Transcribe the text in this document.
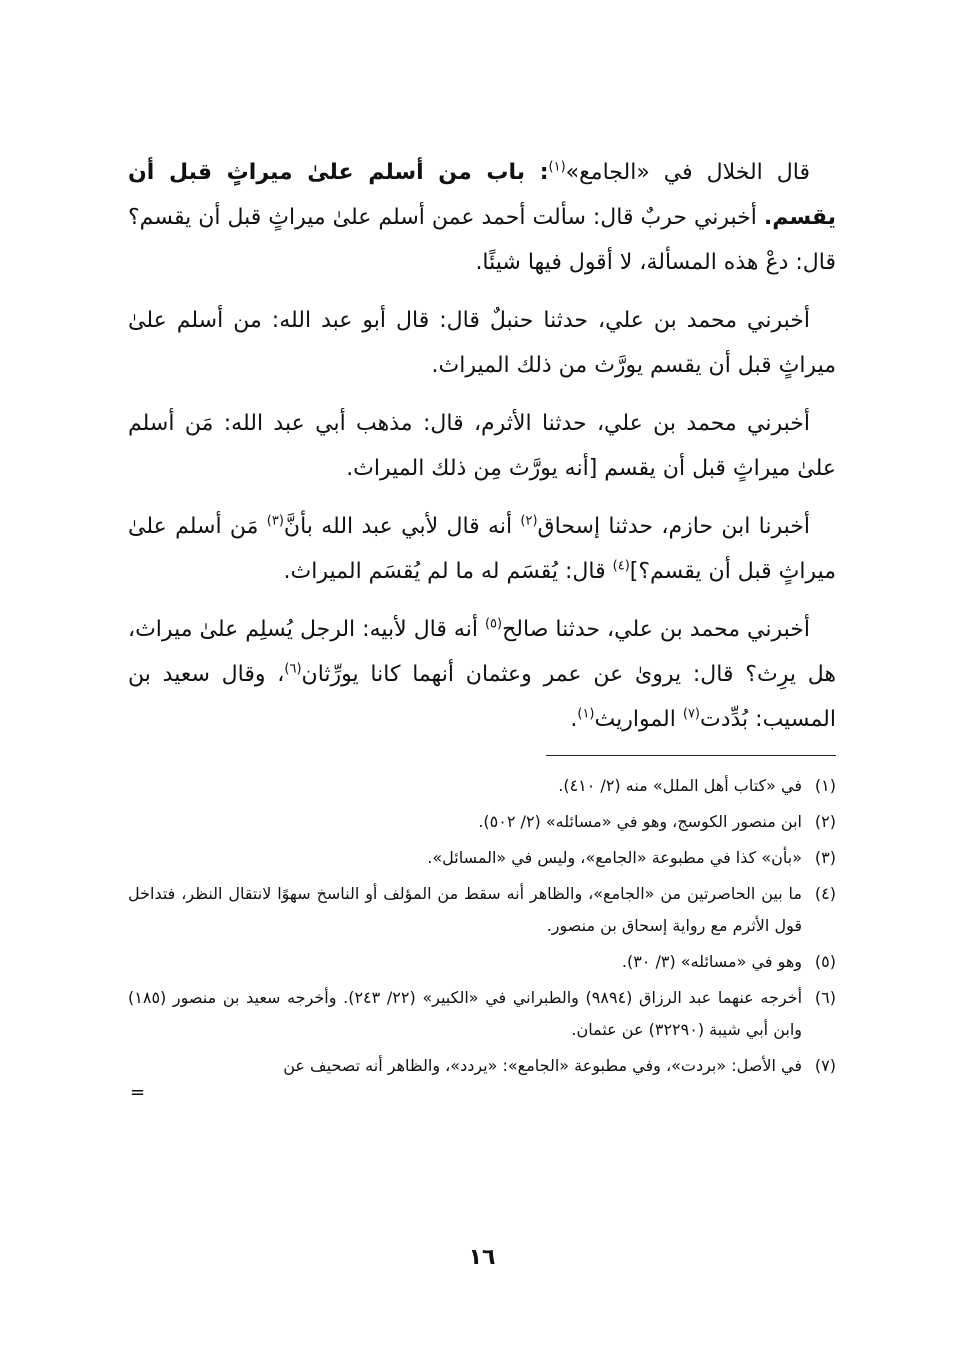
قال الخلال في «الجامع»$^{(١)}$: باب من أسلم علىٰ ميراثٍ قبل أن يقسم. أخبرني حربٌ قال: سألت أحمد عمن أسلم علىٰ ميراثٍ قبل أن يقسم؟ قال: دعْ هذه المسألة، لا أقول فيها شيئًا.

أخبرني محمد بن علي، حدثنا حنبلٌ قال: قال أبو عبد الله: من أسلم علىٰ ميراثٍ قبل أن يقسم يورَّث من ذلك الميراث.

أخبرني محمد بن علي، حدثنا الأثرم، قال: مذهب أبي عبد الله: مَن أسلم علىٰ ميراثٍ قبل أن يقسم [أنه يورَّث مِن ذلك الميراث.

أخبرنا ابن حازم، حدثنا إسحاق$^{(٢)}$ أنه قال لأبي عبد الله بأنَّ$^{(٣)}$ مَن أسلم علىٰ ميراثٍ قبل أن يقسم؟]$^{(٤)}$ قال: يُقسَم له ما لم يُقسَم الميراث.

أخبرني محمد بن علي، حدثنا صالح$^{(٥)}$ أنه قال لأبيه: الرجل يُسلِم علىٰ ميراث، هل يرِث؟ قال: يروىٰ عن عمر وعثمان أنهما كانا يورِّثان$^{(٦)}$، وقال سعيد بن المسيب: بُدِّدت$^{(٧)}$ المواريث$^{(١)}$.

(١)
في «كتاب أهل الملل» منه (٢/ ٤١٠).
(٢)
ابن منصور الكوسج، وهو في «مسائله» (٢/ ٥٠٢).
(٣)
«بأن» كذا في مطبوعة «الجامع»، وليس في «المسائل».
(٤)
ما بين الحاصرتين من «الجامع»، والظاهر أنه سقط من المؤلف أو الناسخ سهوًا لانتقال النظر، فتداخل قول الأثرم مع رواية إسحاق بن منصور.
(٥)
وهو في «مسائله» (٣/ ٣٠).
(٦)
أخرجه عنهما عبد الرزاق (٩٨٩٤) والطبراني في «الكبير» (٢٢/ ٢٤٣). وأخرجه سعيد بن منصور (١٨٥) وابن أبي شيبة (٣٢٢٩٠) عن عثمان.
(٧)
في الأصل: «بردت»، وفي مطبوعة «الجامع»: «يردد»، والظاهر أنه تصحيف عن
=
١٦
